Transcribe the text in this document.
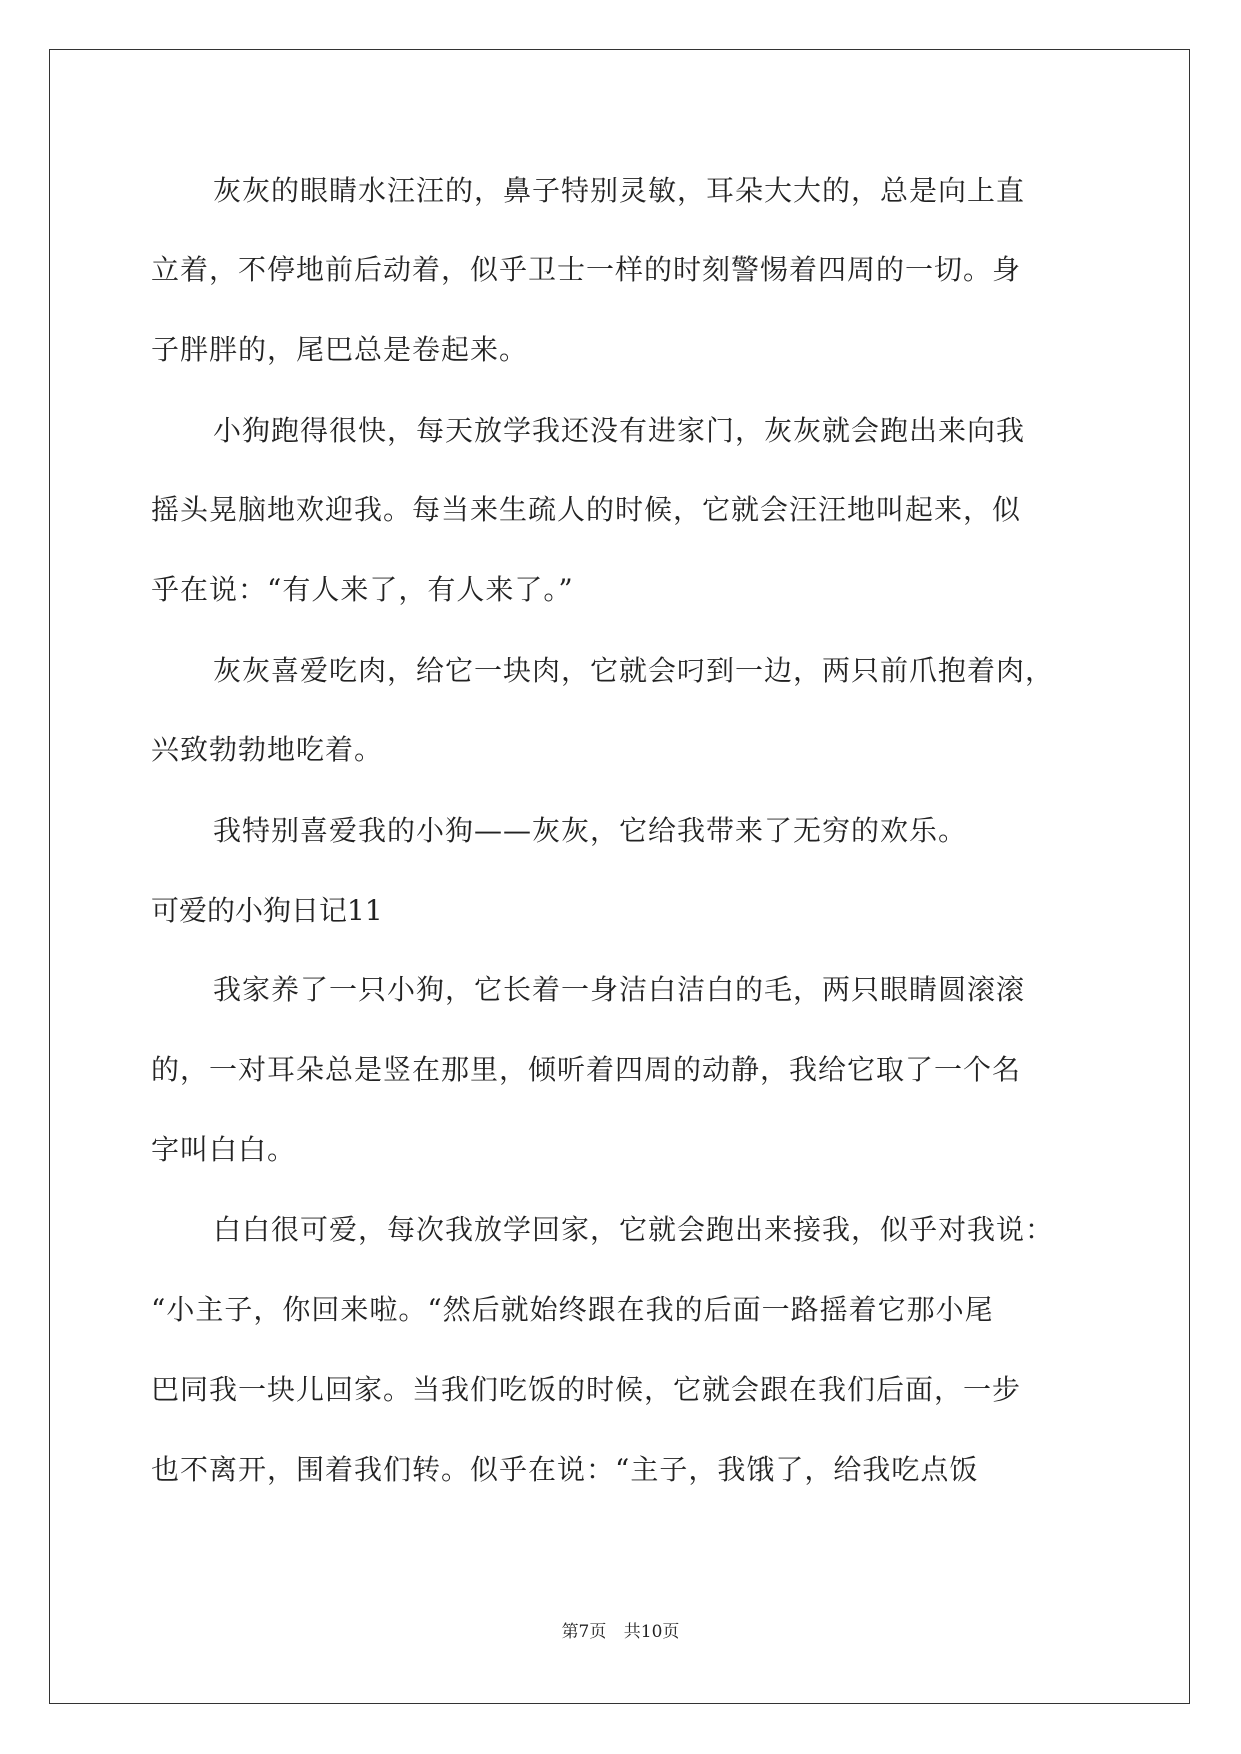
灰灰的眼睛水汪汪的，鼻子特别灵敏，耳朵大大的，总是向上直
立着，不停地前后动着，似乎卫士一样的时刻警惕着四周的一切。身
子胖胖的，尾巴总是卷起来。
小狗跑得很快，每天放学我还没有进家门，灰灰就会跑出来向我
摇头晃脑地欢迎我。每当来生疏人的时候，它就会汪汪地叫起来，似
乎在说：“有人来了，有人来了。”
灰灰喜爱吃肉，给它一块肉，它就会叼到一边，两只前爪抱着肉，
兴致勃勃地吃着。
我特别喜爱我的小狗——灰灰，它给我带来了无穷的欢乐。
可爱的小狗日记11
我家养了一只小狗，它长着一身洁白洁白的毛，两只眼睛圆滚滚
的，一对耳朵总是竖在那里，倾听着四周的动静，我给它取了一个名
字叫白白。
白白很可爱，每次我放学回家，它就会跑出来接我，似乎对我说：
“小主子，你回来啦。“然后就始终跟在我的后面一路摇着它那小尾
巴同我一块儿回家。当我们吃饭的时候，它就会跟在我们后面，一步
也不离开，围着我们转。似乎在说：“主子，我饿了，给我吃点饭
第7页 共10页
